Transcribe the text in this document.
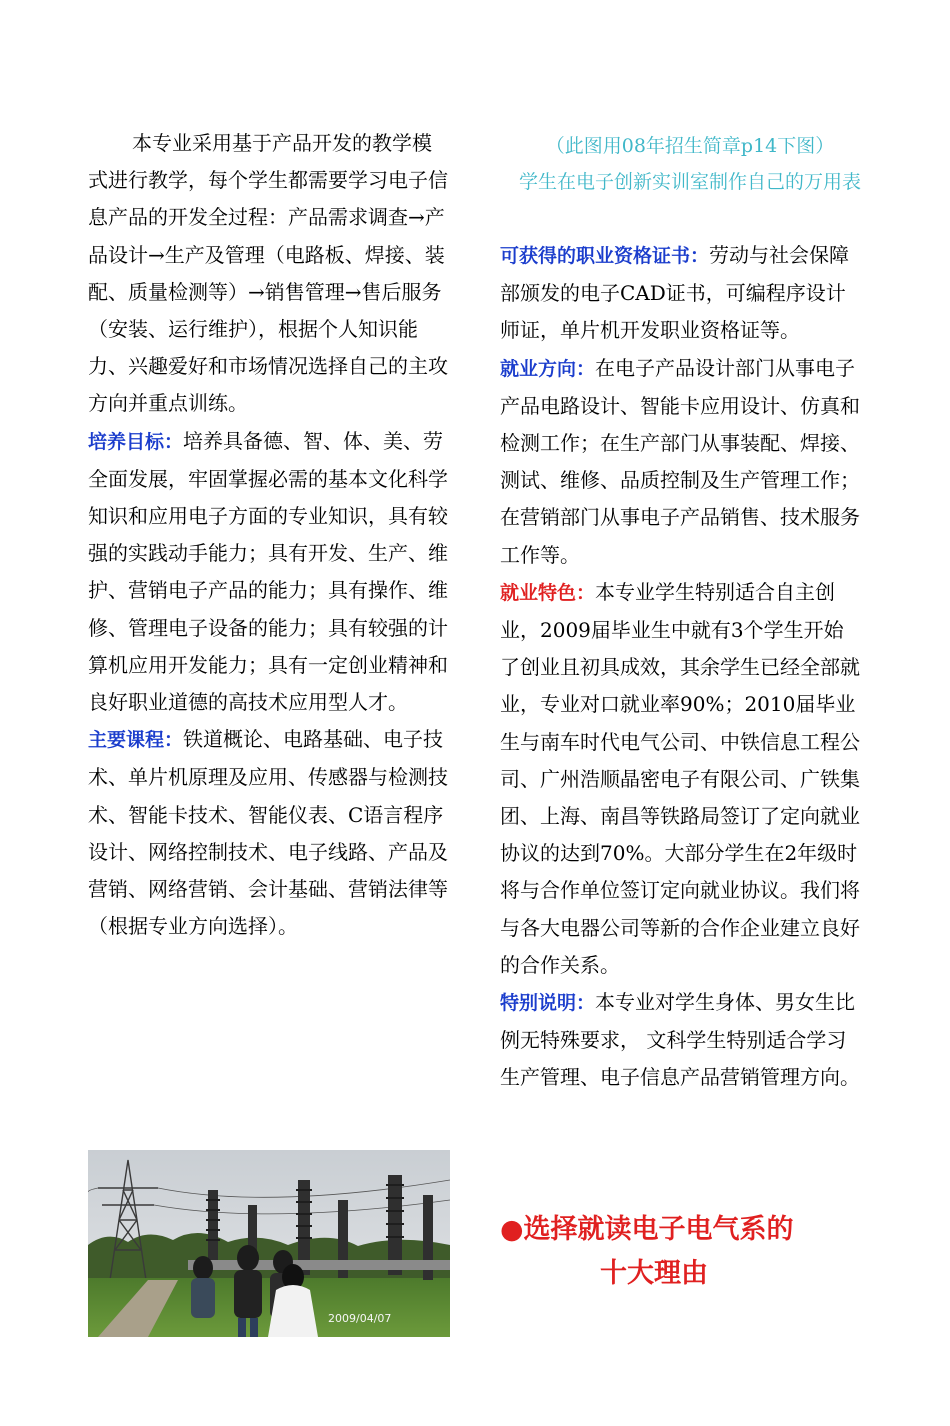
本专业采用基于产品开发的教学模式进行教学，每个学生都需要学习电子信息产品的开发全过程：产品需求调查→产品设计→生产及管理（电路板、焊接、装配、质量检测等）→销售管理→售后服务（安装、运行维护），根据个人知识能力、兴趣爱好和市场情况选择自己的主攻方向并重点训练。

培养目标：培养具备德、智、体、美、劳全面发展，牢固掌握必需的基本文化科学知识和应用电子方面的专业知识，具有较强的实践动手能力；具有开发、生产、维护、营销电子产品的能力；具有操作、维修、管理电子设备的能力；具有较强的计算机应用开发能力；具有一定创业精神和良好职业道德的高技术应用型人才。

主要课程：铁道概论、电路基础、电子技术、单片机原理及应用、传感器与检测技术、智能卡技术、智能仪表、C语言程序设计、网络控制技术、电子线路、产品及营销、网络营销、会计基础、营销法律等（根据专业方向选择）。

（此图用08年招生简章p14下图）
学生在电子创新实训室制作自己的万用表

可获得的职业资格证书：劳动与社会保障部颁发的电子CAD证书，可编程序设计师证，单片机开发职业资格证等。

就业方向：在电子产品设计部门从事电子产品电路设计、智能卡应用设计、仿真和检测工作；在生产部门从事装配、焊接、测试、维修、品质控制及生产管理工作；在营销部门从事电子产品销售、技术服务工作等。

就业特色：本专业学生特别适合自主创业，2009届毕业生中就有3个学生开始了创业且初具成效，其余学生已经全部就业，专业对口就业率90%；2010届毕业生与南车时代电气公司、中铁信息工程公司、广州浩顺晶密电子有限公司、广铁集团、上海、南昌等铁路局签订了定向就业协议的达到70%。大部分学生在2年级时将与合作单位签订定向就业协议。我们将与各大电器公司等新的合作企业建立良好的合作关系。

特别说明：本专业对学生身体、男女生比例无特殊要求， 文科学生特别适合学习生产管理、电子信息产品营销管理方向。

●选择就读电子电气系的
十大理由
2009/04/07
